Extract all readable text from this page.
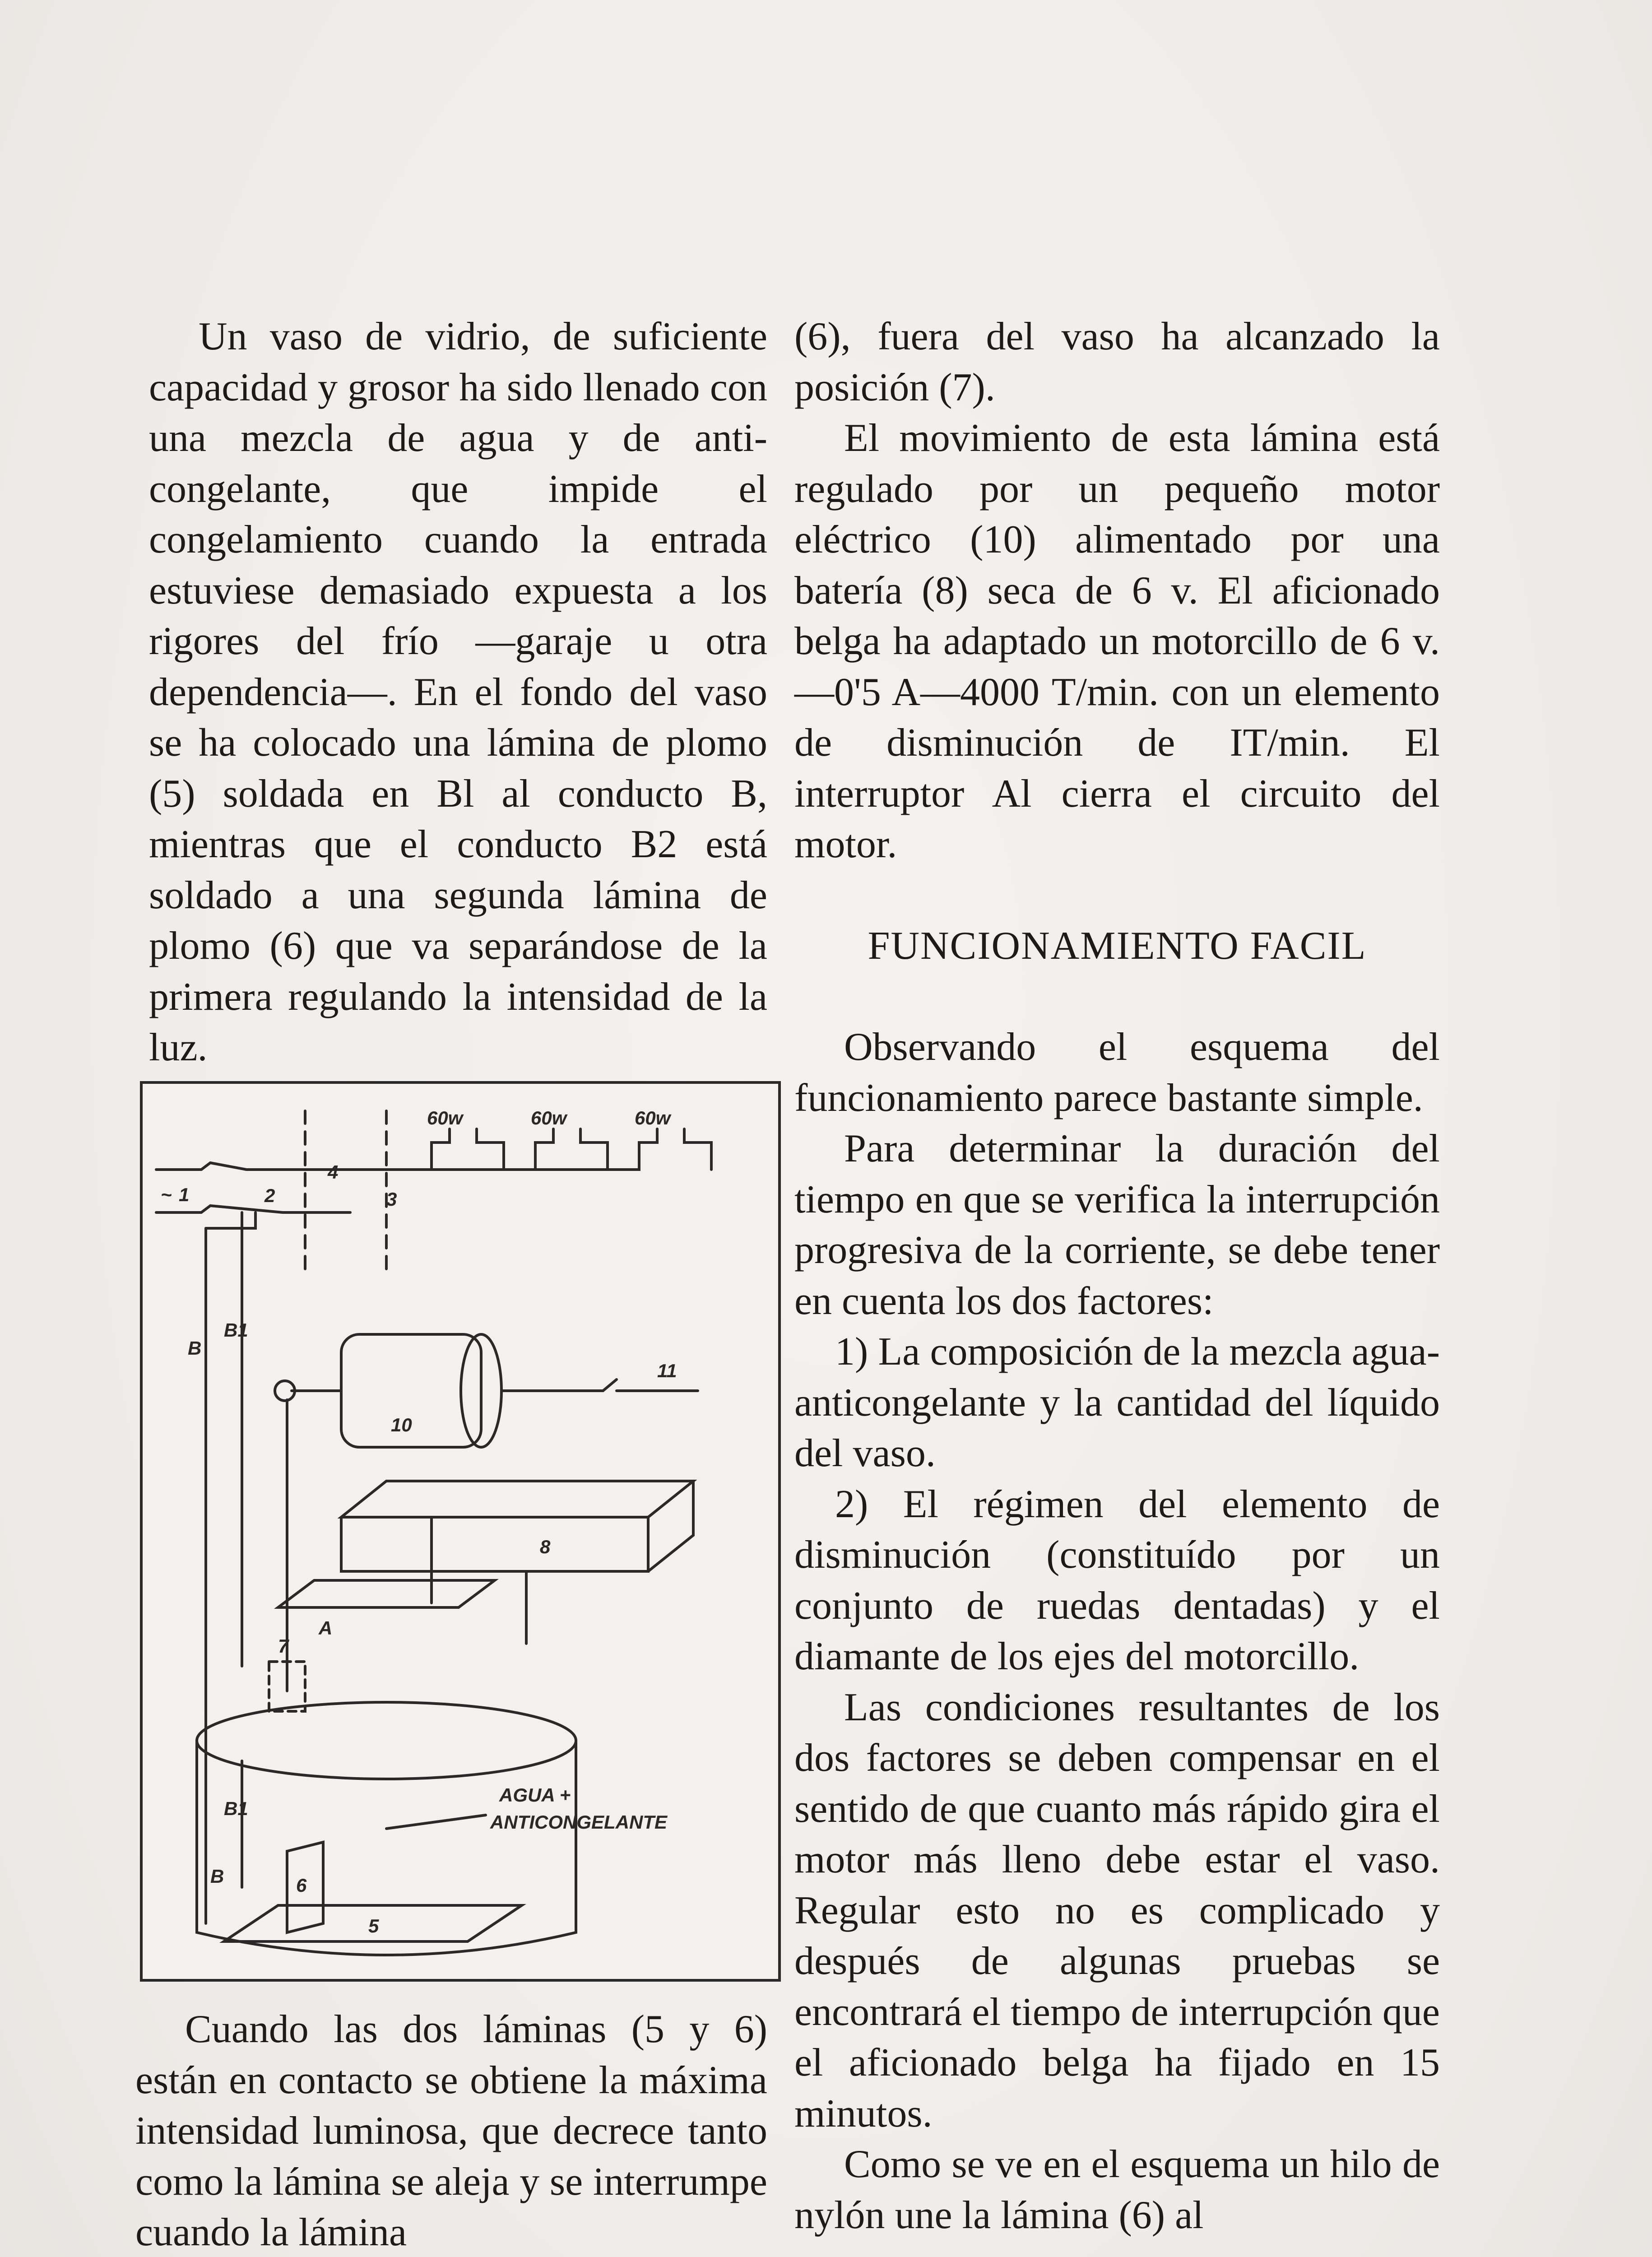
Un vaso de vidrio, de suficiente capacidad y grosor ha sido llenado con una mezcla de agua y de anti-congelante, que impide el congelamiento cuando la entrada estuviese demasiado expuesta a los rigores del frío —garaje u otra dependencia—. En el fondo del vaso se ha colocado una lámina de plomo (5) soldada en Bl al conducto B, mientras que el conducto B2 está soldado a una segunda lámina de plomo (6) que va separándose de la primera regulando la intensidad de la luz.

~ 1	2	3
4
60w	60w	60w
B
B1
10
11
8
7
A
6
5
B1
B
AGUA +
ANTICONGELANTE

Cuando las dos láminas (5 y 6) están en contacto se obtiene la máxima intensidad luminosa, que decrece tanto como la lámina se aleja y se interrumpe cuando la lámina

(6), fuera del vaso ha alcanzado la posición (7).

El movimiento de esta lámina está regulado por un pequeño motor eléctrico (10) alimentado por una batería (8) seca de 6 v. El aficionado belga ha adaptado un motorcillo de 6 v.—0'5 A—4000 T/min. con un elemento de disminución de IT/min. El interruptor Al cierra el circuito del motor.

FUNCIONAMIENTO FACIL

Observando el esquema del funcionamiento parece bastante simple.

Para determinar la duración del tiempo en que se verifica la interrupción progresiva de la corriente, se debe tener en cuenta los dos factores:

1) La composición de la mezcla agua-anticongelante y la cantidad del líquido del vaso.

2) El régimen del elemento de disminución (constituído por un conjunto de ruedas dentadas) y el diamante de los ejes del motorcillo.

Las condiciones resultantes de los dos factores se deben compensar en el sentido de que cuanto más rápido gira el motor más lleno debe estar el vaso. Regular esto no es complicado y después de algunas pruebas se encontrará el tiempo de interrupción que el aficionado belga ha fijado en 15 minutos.

Como se ve en el esquema un hilo de nylón une la lámina (6) al
